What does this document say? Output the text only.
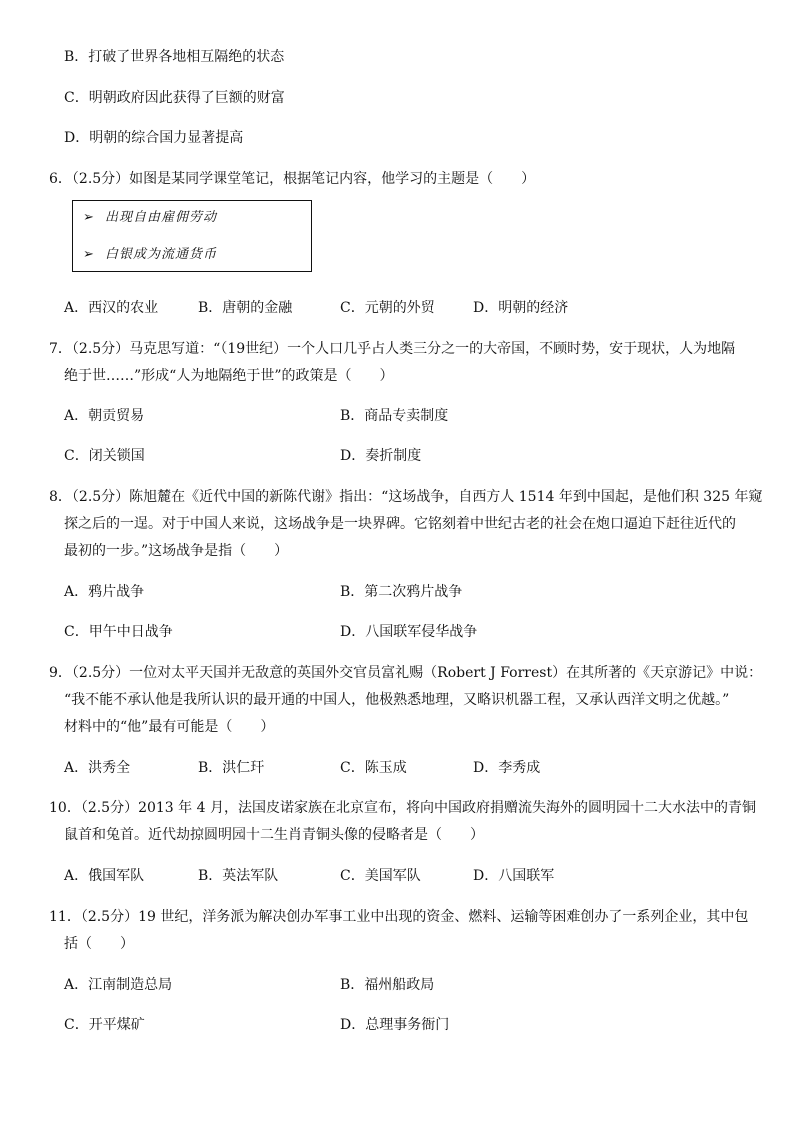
B．打破了世界各地相互隔绝的状态
C．明朝政府因此获得了巨额的财富
D．明朝的综合国力显著提高
6．（2.5分）如图是某同学课堂笔记，根据笔记内容，他学习的主题是（　　）
➢ 出现自由雇佣劳动
➢ 白银成为流通货币
A．西汉的农业	B．唐朝的金融	C．元朝的外贸	D．明朝的经济
7．（2.5分）马克思写道：“（19世纪）一个人口几乎占人类三分之一的大帝国，不顾时势，安于现状，人为地隔
绝于世……”形成“人为地隔绝于世”的政策是（　　）
A．朝贡贸易	B．商品专卖制度
C．闭关锁国	D．奏折制度
8．（2.5分）陈旭麓在《近代中国的新陈代谢》指出：“这场战争，自西方人 1514 年到中国起，是他们积 325 年窥
探之后的一逞。对于中国人来说，这场战争是一块界碑。它铭刻着中世纪古老的社会在炮口逼迫下赶往近代的
最初的一步。”这场战争是指（　　）
A．鸦片战争	B．第二次鸦片战争
C．甲午中日战争	D．八国联军侵华战争
9．（2.5分）一位对太平天国并无敌意的英国外交官员富礼赐（Robert J Forrest）在其所著的《天京游记》中说：
“我不能不承认他是我所认识的最开通的中国人，他极熟悉地理，又略识机器工程，又承认西洋文明之优越。”
材料中的“他”最有可能是（　　）
A．洪秀全	B．洪仁玕	C．陈玉成	D．李秀成
10．（2.5分）2013 年 4 月，法国皮诺家族在北京宣布，将向中国政府捐赠流失海外的圆明园十二大水法中的青铜
鼠首和兔首。近代劫掠圆明园十二生肖青铜头像的侵略者是（　　）
A．俄国军队	B．英法军队	C．美国军队	D．八国联军
11．（2.5分）19 世纪，洋务派为解决创办军事工业中出现的资金、燃料、运输等困难创办了一系列企业，其中包
括（　　）
A．江南制造总局	B．福州船政局
C．开平煤矿	D．总理事务衙门
